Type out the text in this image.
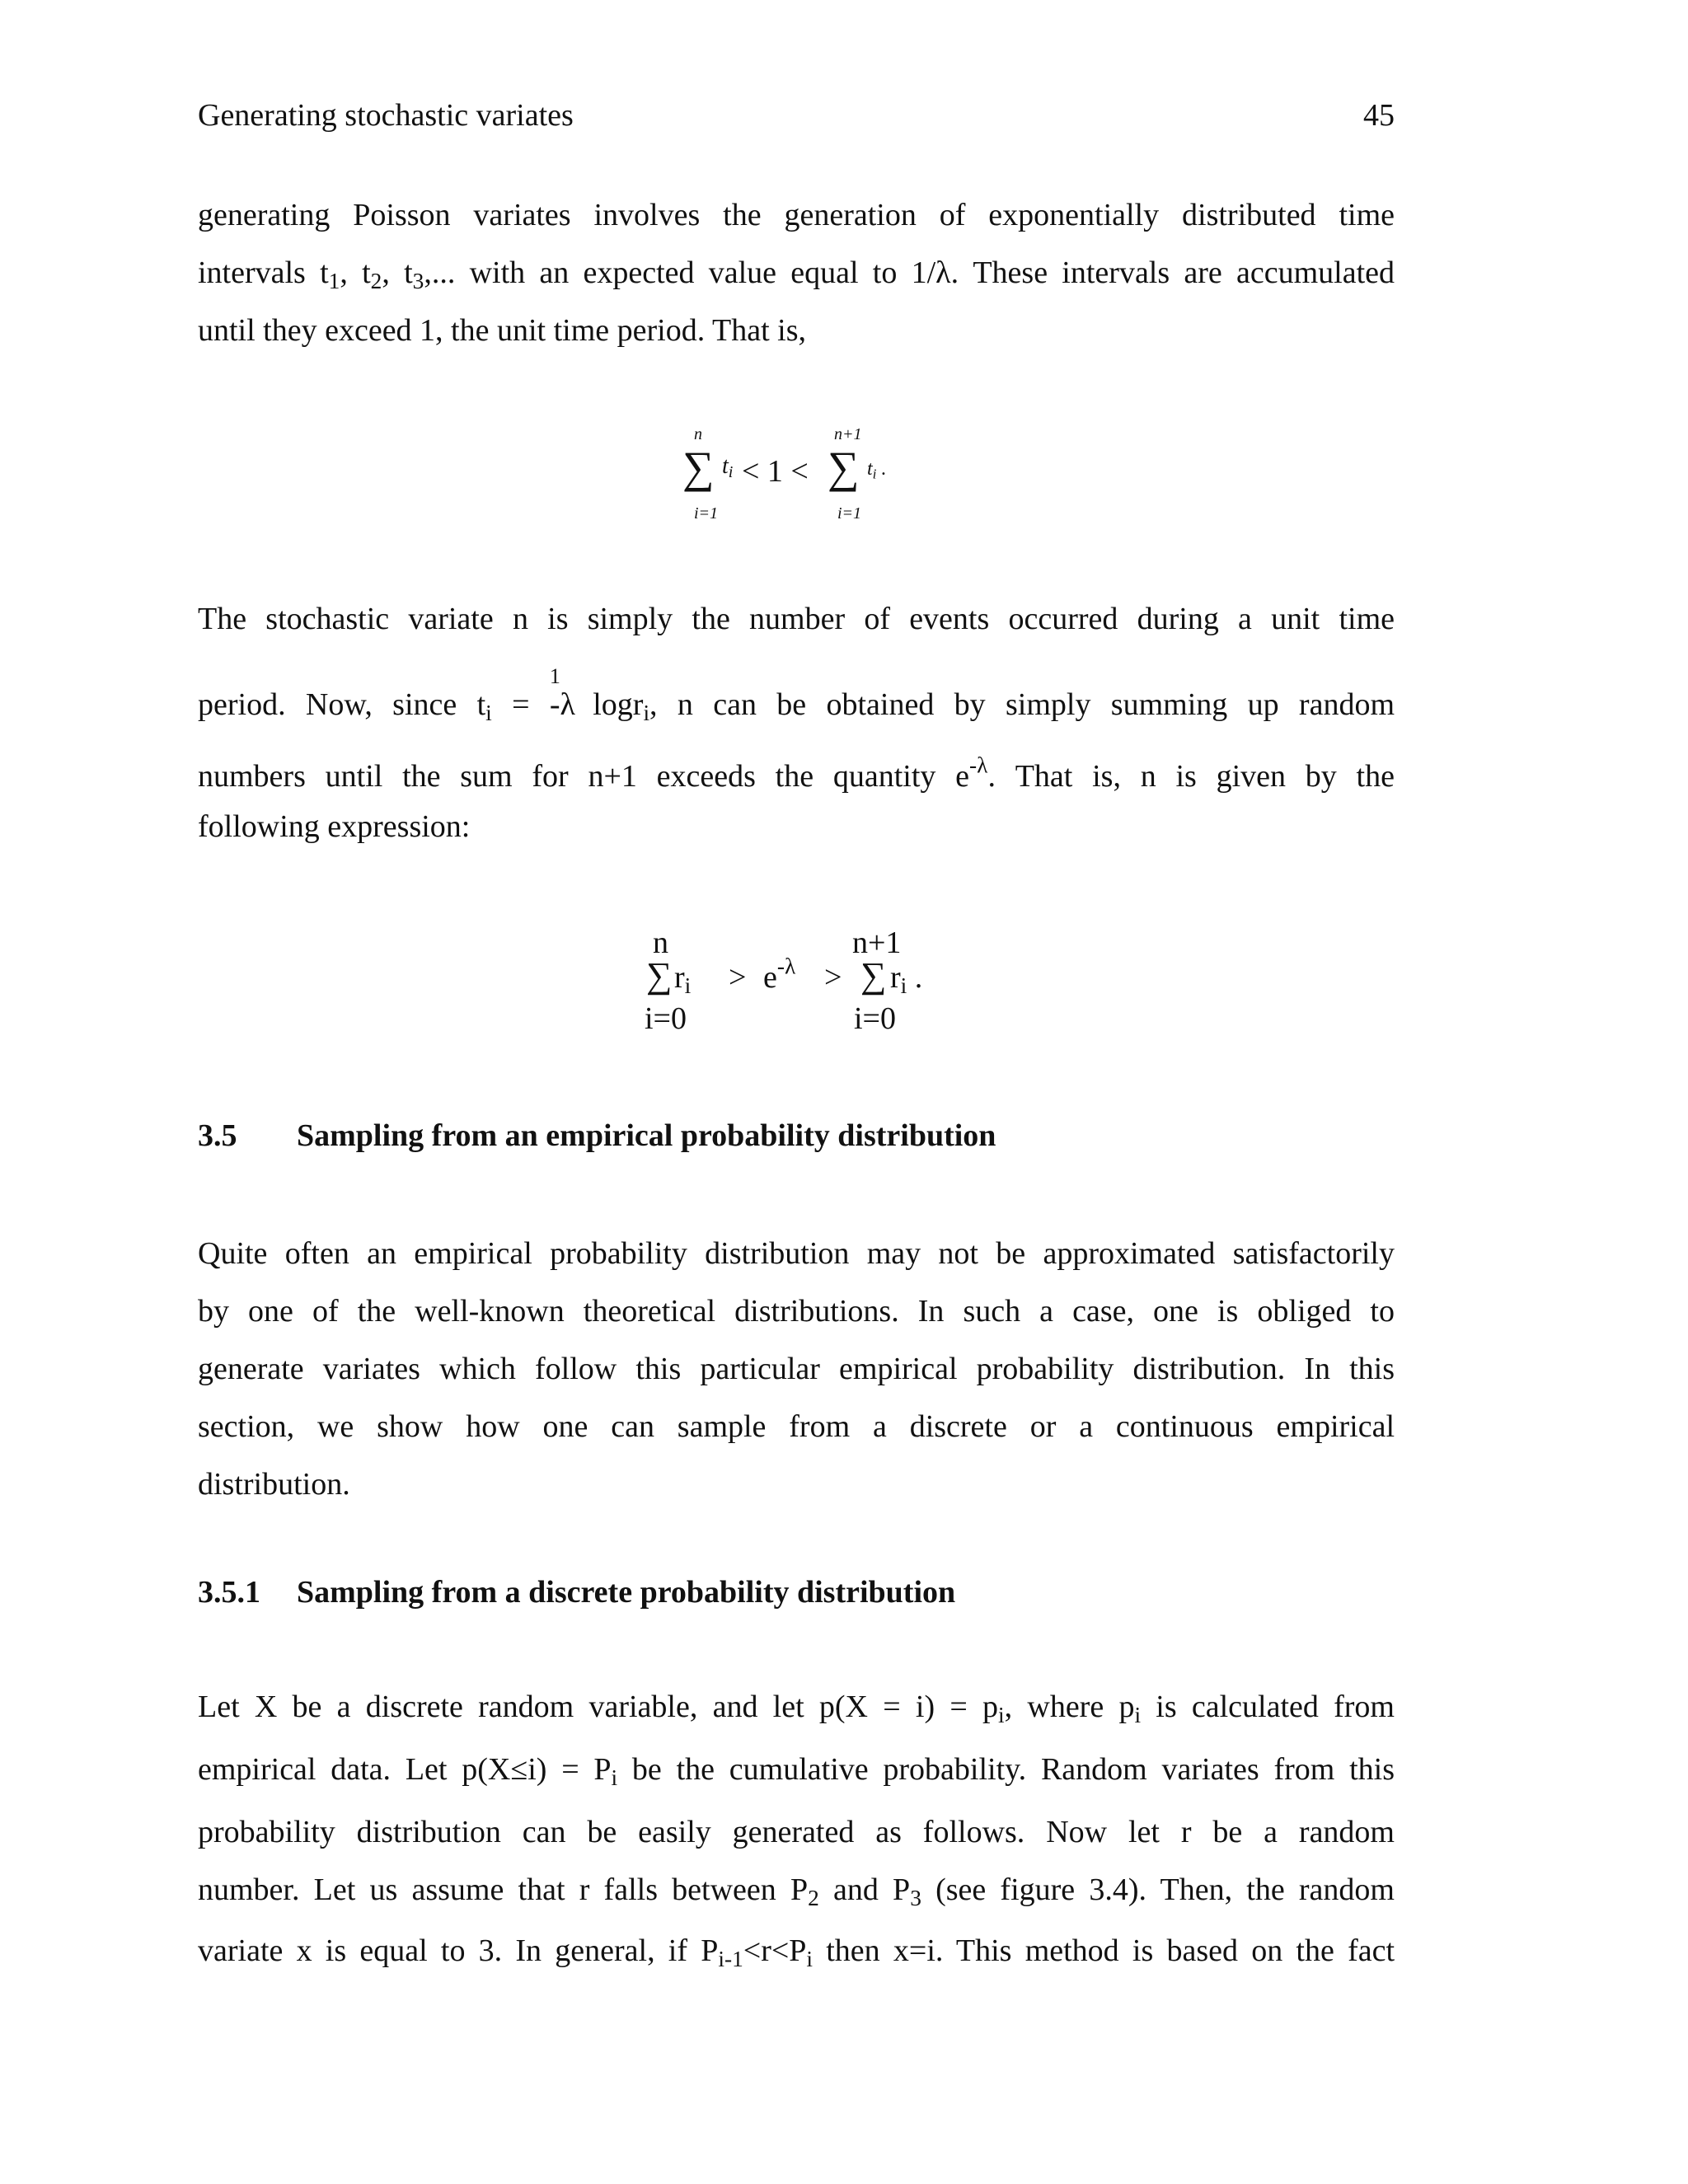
Generating stochastic variates	45
generating Poisson variates involves the generation of exponentially distributed time
intervals $t_1$, $t_2$, $t_3$,... with an expected value equal to 1/λ. These intervals are accumulated
until they exceed 1, the unit time period. That is,
n
∑
i=1
$t_i < 1$ <
n+1
∑
i=1
$t_i$ .
The stochastic variate n is simply the number of events occurred during a unit time
period. Now, since $t_i$ =
1
-λ logr$_i$, n can be obtained by simply summing up random
numbers until the sum for n+1 exceeds the quantity $e^{-\lambda}$. That is, n is given by the
following expression:
n
∑
i=0
$r_i > e^{-\lambda}$ >
n+1
∑
i=0
$r_i$ .
3.5 Sampling from an empirical probability distribution
Quite often an empirical probability distribution may not be approximated satisfactorily
by one of the well-known theoretical distributions. In such a case, one is obliged to
generate variates which follow this particular empirical probability distribution. In this
section, we show how one can sample from a discrete or a continuous empirical
distribution.
3.5.1 Sampling from a discrete probability distribution
Let X be a discrete random variable, and let $p(X = i) = p_i$, where $p_i$ is calculated from
empirical data. Let $p(X\le i) = P_i$ be the cumulative probability. Random variates from this
probability distribution can be easily generated as follows. Now let r be a random
number. Let us assume that r falls between $P_2$ and $P_3$ (see figure 3.4). Then, the random
variate x is equal to 3. In general, if $P_{i-1}<r<P_i$ then x=i. This method is based on the fact
